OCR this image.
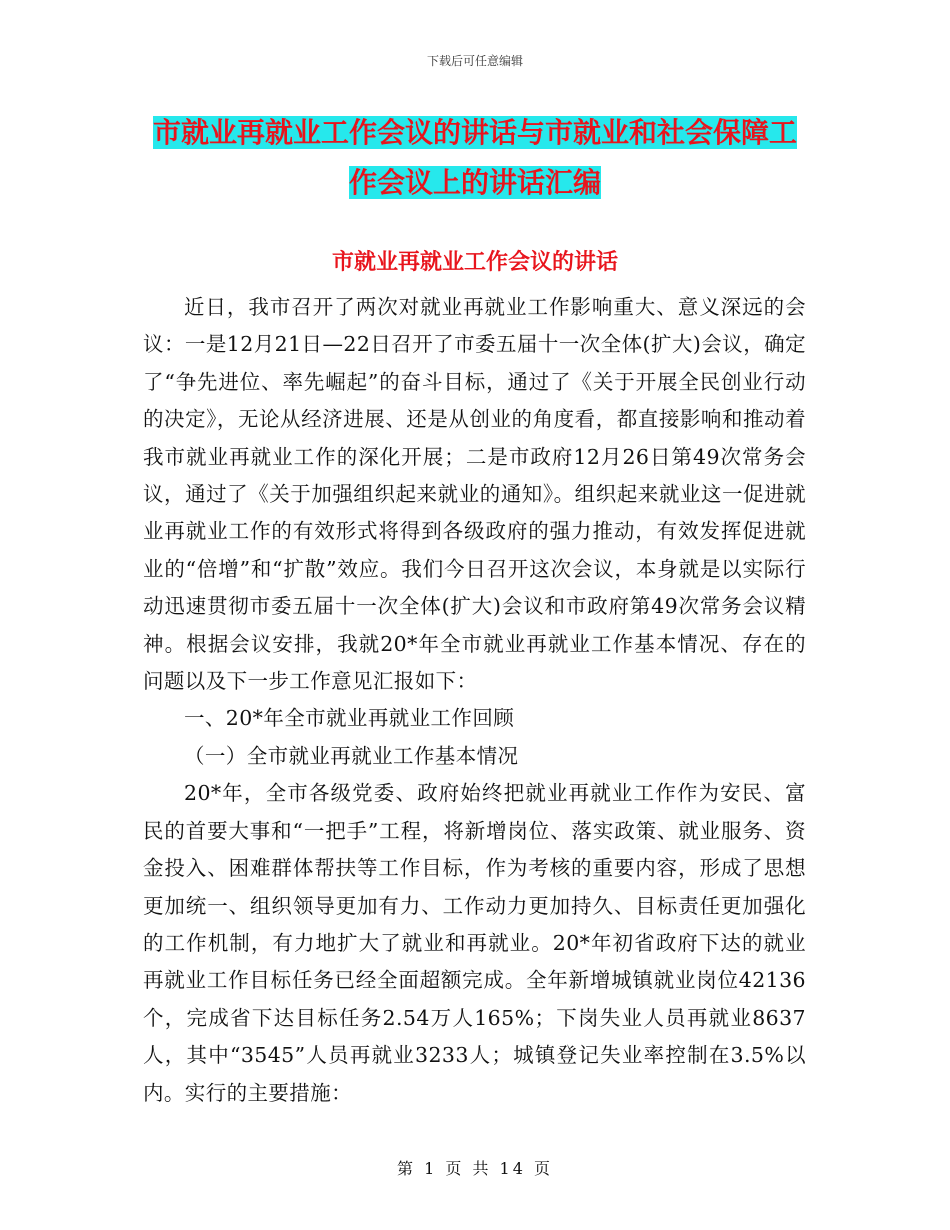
下载后可任意编辑
市就业再就业工作会议的讲话与市就业和社会保障工
作会议上的讲话汇编
市就业再就业工作会议的讲话

近日，我市召开了两次对就业再就业工作影响重大、意义深远的会议：一是12月21日—22日召开了市委五届十一次全体(扩大)会议，确定了“争先进位、率先崛起”的奋斗目标，通过了《关于开展全民创业行动的决定》，无论从经济进展、还是从创业的角度看，都直接影响和推动着我市就业再就业工作的深化开展；二是市政府12月26日第49次常务会议，通过了《关于加强组织起来就业的通知》。组织起来就业这一促进就业再就业工作的有效形式将得到各级政府的强力推动，有效发挥促进就业的“倍增”和“扩散”效应。我们今日召开这次会议，本身就是以实际行动迅速贯彻市委五届十一次全体(扩大)会议和市政府第49次常务会议精神。根据会议安排，我就20*年全市就业再就业工作基本情况、存在的问题以及下一步工作意见汇报如下：

一、20*年全市就业再就业工作回顾

（一）全市就业再就业工作基本情况

20*年，全市各级党委、政府始终把就业再就业工作作为安民、富民的首要大事和“一把手”工程，将新增岗位、落实政策、就业服务、资金投入、困难群体帮扶等工作目标，作为考核的重要内容，形成了思想更加统一、组织领导更加有力、工作动力更加持久、目标责任更加强化的工作机制，有力地扩大了就业和再就业。20*年初省政府下达的就业再就业工作目标任务已经全面超额完成。全年新增城镇就业岗位42136个，完成省下达目标任务2.54万人165%；下岗失业人员再就业8637人，其中“3545”人员再就业3233人；城镇登记失业率控制在3.5%以内。实行的主要措施：

第 1 页 共 14 页
